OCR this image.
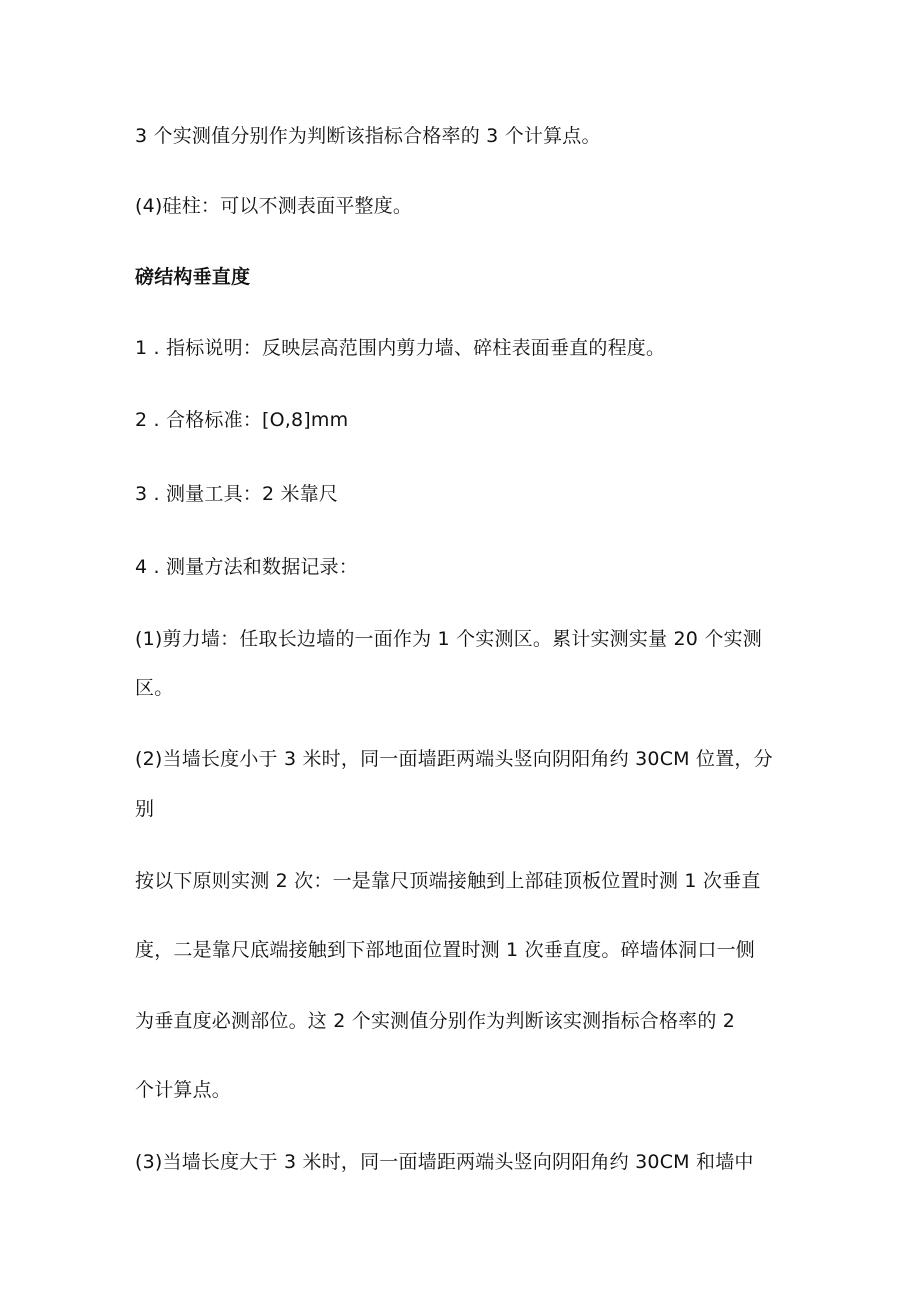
3 个实测值分别作为判断该指标合格率的 3 个计算点。
(4)硅柱：可以不测表面平整度。
磅结构垂直度
1 . 指标说明：反映层高范围内剪力墙、碎柱表面垂直的程度。
2 . 合格标准：[O,8]mm
3 . 测量工具：2 米靠尺
4 . 测量方法和数据记录：
(1)剪力墙：任取长边墙的一面作为 1 个实测区。累计实测实量 20 个实测
区。
(2)当墙长度小于 3 米时，同一面墙距两端头竖向阴阳角约 30CM 位置，分
别
按以下原则实测 2 次：一是靠尺顶端接触到上部硅顶板位置时测 1 次垂直
度，二是靠尺底端接触到下部地面位置时测 1 次垂直度。碎墙体洞口一侧
为垂直度必测部位。这 2 个实测值分别作为判断该实测指标合格率的 2
个计算点。
(3)当墙长度大于 3 米时，同一面墙距两端头竖向阴阳角约 30CM 和墙中
